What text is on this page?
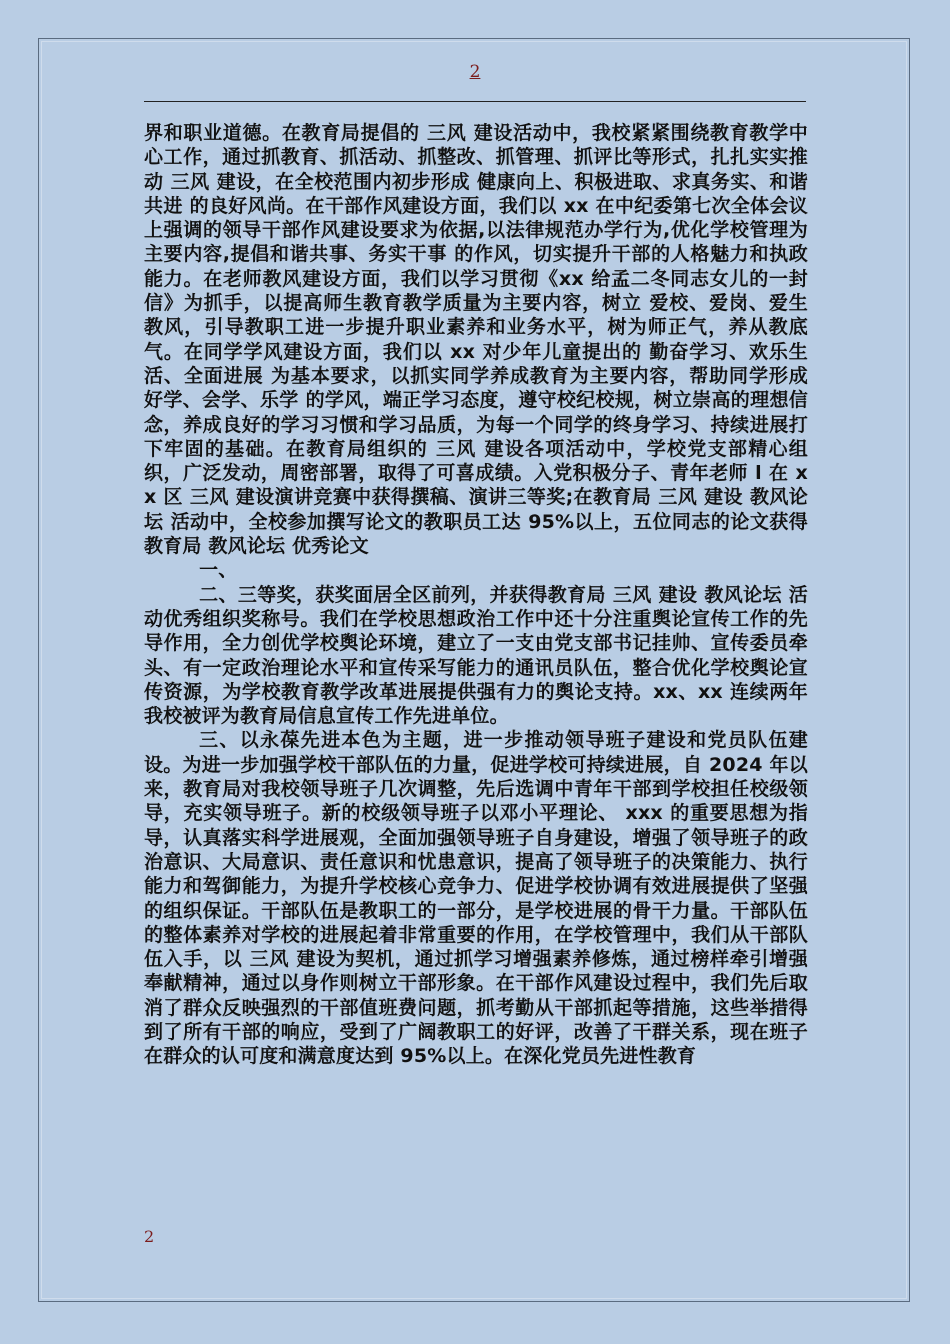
2

界和职业道德。在教育局提倡的 三风 建设活动中，我校紧紧围绕教育教学中心工作，通过抓教育、抓活动、抓整改、抓管理、抓评比等形式，扎扎实实推动 三风 建设，在全校范围内初步形成 健康向上、积极进取、求真务实、和谐共进 的良好风尚。在干部作风建设方面，我们以 xx 在中纪委第七次全体会议上强调的领导干部作风建设要求为依据,以法律规范办学行为,优化学校管理为主要内容,提倡和谐共事、务实干事 的作风，切实提升干部的人格魅力和执政能力。在老师教风建设方面，我们以学习贯彻《xx 给孟二冬同志女儿的一封信》为抓手，以提高师生教育教学质量为主要内容，树立 爱校、爱岗、爱生 教风，引导教职工进一步提升职业素养和业务水平，树为师正气，养从教底气。在同学学风建设方面，我们以 xx 对少年儿童提出的 勤奋学习、欢乐生活、全面进展 为基本要求，以抓实同学养成教育为主要内容，帮助同学形成 好学、会学、乐学 的学风，端正学习态度，遵守校纪校规，树立崇高的理想信念，养成良好的学习习惯和学习品质，为每一个同学的终身学习、持续进展打下牢固的基础。在教育局组织的 三风 建设各项活动中，学校党支部精心组织，广泛发动，周密部署，取得了可喜成绩。入党积极分子、青年老师 l 在 xx 区 三风 建设演讲竞赛中获得撰稿、演讲三等奖;在教育局 三风 建设 教风论坛 活动中，全校参加撰写论文的教职员工达 95%以上，五位同志的论文获得教育局 教风论坛 优秀论文

一、

二、三等奖，获奖面居全区前列，并获得教育局 三风 建设 教风论坛 活动优秀组织奖称号。我们在学校思想政治工作中还十分注重舆论宣传工作的先导作用，全力创优学校舆论环境，建立了一支由党支部书记挂帅、宣传委员牵头、有一定政治理论水平和宣传采写能力的通讯员队伍，整合优化学校舆论宣传资源，为学校教育教学改革进展提供强有力的舆论支持。xx、xx 连续两年我校被评为教育局信息宣传工作先进单位。

三、以永葆先进本色为主题，进一步推动领导班子建设和党员队伍建设。为进一步加强学校干部队伍的力量，促进学校可持续进展，自 2024 年以来，教育局对我校领导班子几次调整，先后选调中青年干部到学校担任校级领导，充实领导班子。新的校级领导班子以邓小平理论、 xxx 的重要思想为指导，认真落实科学进展观，全面加强领导班子自身建设，增强了领导班子的政治意识、大局意识、责任意识和忧患意识，提高了领导班子的决策能力、执行能力和驾御能力，为提升学校核心竞争力、促进学校协调有效进展提供了坚强的组织保证。干部队伍是教职工的一部分，是学校进展的骨干力量。干部队伍的整体素养对学校的进展起着非常重要的作用，在学校管理中，我们从干部队伍入手，以 三风 建设为契机，通过抓学习增强素养修炼，通过榜样牵引增强奉献精神，通过以身作则树立干部形象。在干部作风建设过程中，我们先后取消了群众反映强烈的干部值班费问题，抓考勤从干部抓起等措施，这些举措得到了所有干部的响应，受到了广阔教职工的好评，改善了干群关系，现在班子在群众的认可度和满意度达到 95%以上。在深化党员先进性教育

2
